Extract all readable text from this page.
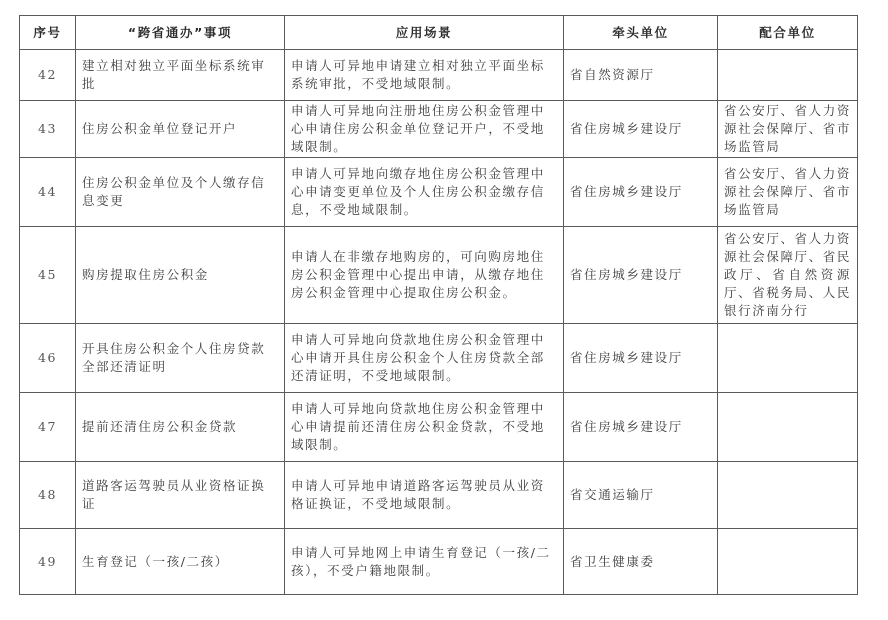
序号	“跨省通办”事项	应用场景	牵头单位	配合单位
42	建立相对独立平面坐标系统审批	申请人可异地申请建立相对独立平面坐标系统审批，不受地域限制。	省自然资源厅	
43	住房公积金单位登记开户	申请人可异地向注册地住房公积金管理中心申请住房公积金单位登记开户，不受地域限制。	省住房城乡建设厅	省公安厅、省人力资源社会保障厅、省市场监管局
44	住房公积金单位及个人缴存信息变更	申请人可异地向缴存地住房公积金管理中心申请变更单位及个人住房公积金缴存信息，不受地域限制。	省住房城乡建设厅	省公安厅、省人力资源社会保障厅、省市场监管局
45	购房提取住房公积金	申请人在非缴存地购房的，可向购房地住房公积金管理中心提出申请，从缴存地住房公积金管理中心提取住房公积金。	省住房城乡建设厅	省公安厅、省人力资源社会保障厅、省民政厅、省自然资源厅、省税务局、人民银行济南分行
46	开具住房公积金个人住房贷款全部还清证明	申请人可异地向贷款地住房公积金管理中心申请开具住房公积金个人住房贷款全部还清证明，不受地域限制。	省住房城乡建设厅	
47	提前还清住房公积金贷款	申请人可异地向贷款地住房公积金管理中心申请提前还清住房公积金贷款，不受地域限制。	省住房城乡建设厅	
48	道路客运驾驶员从业资格证换证	申请人可异地申请道路客运驾驶员从业资格证换证，不受地域限制。	省交通运输厅	
49	生育登记（一孩/二孩）	申请人可异地网上申请生育登记（一孩/二孩），不受户籍地限制。	省卫生健康委	
